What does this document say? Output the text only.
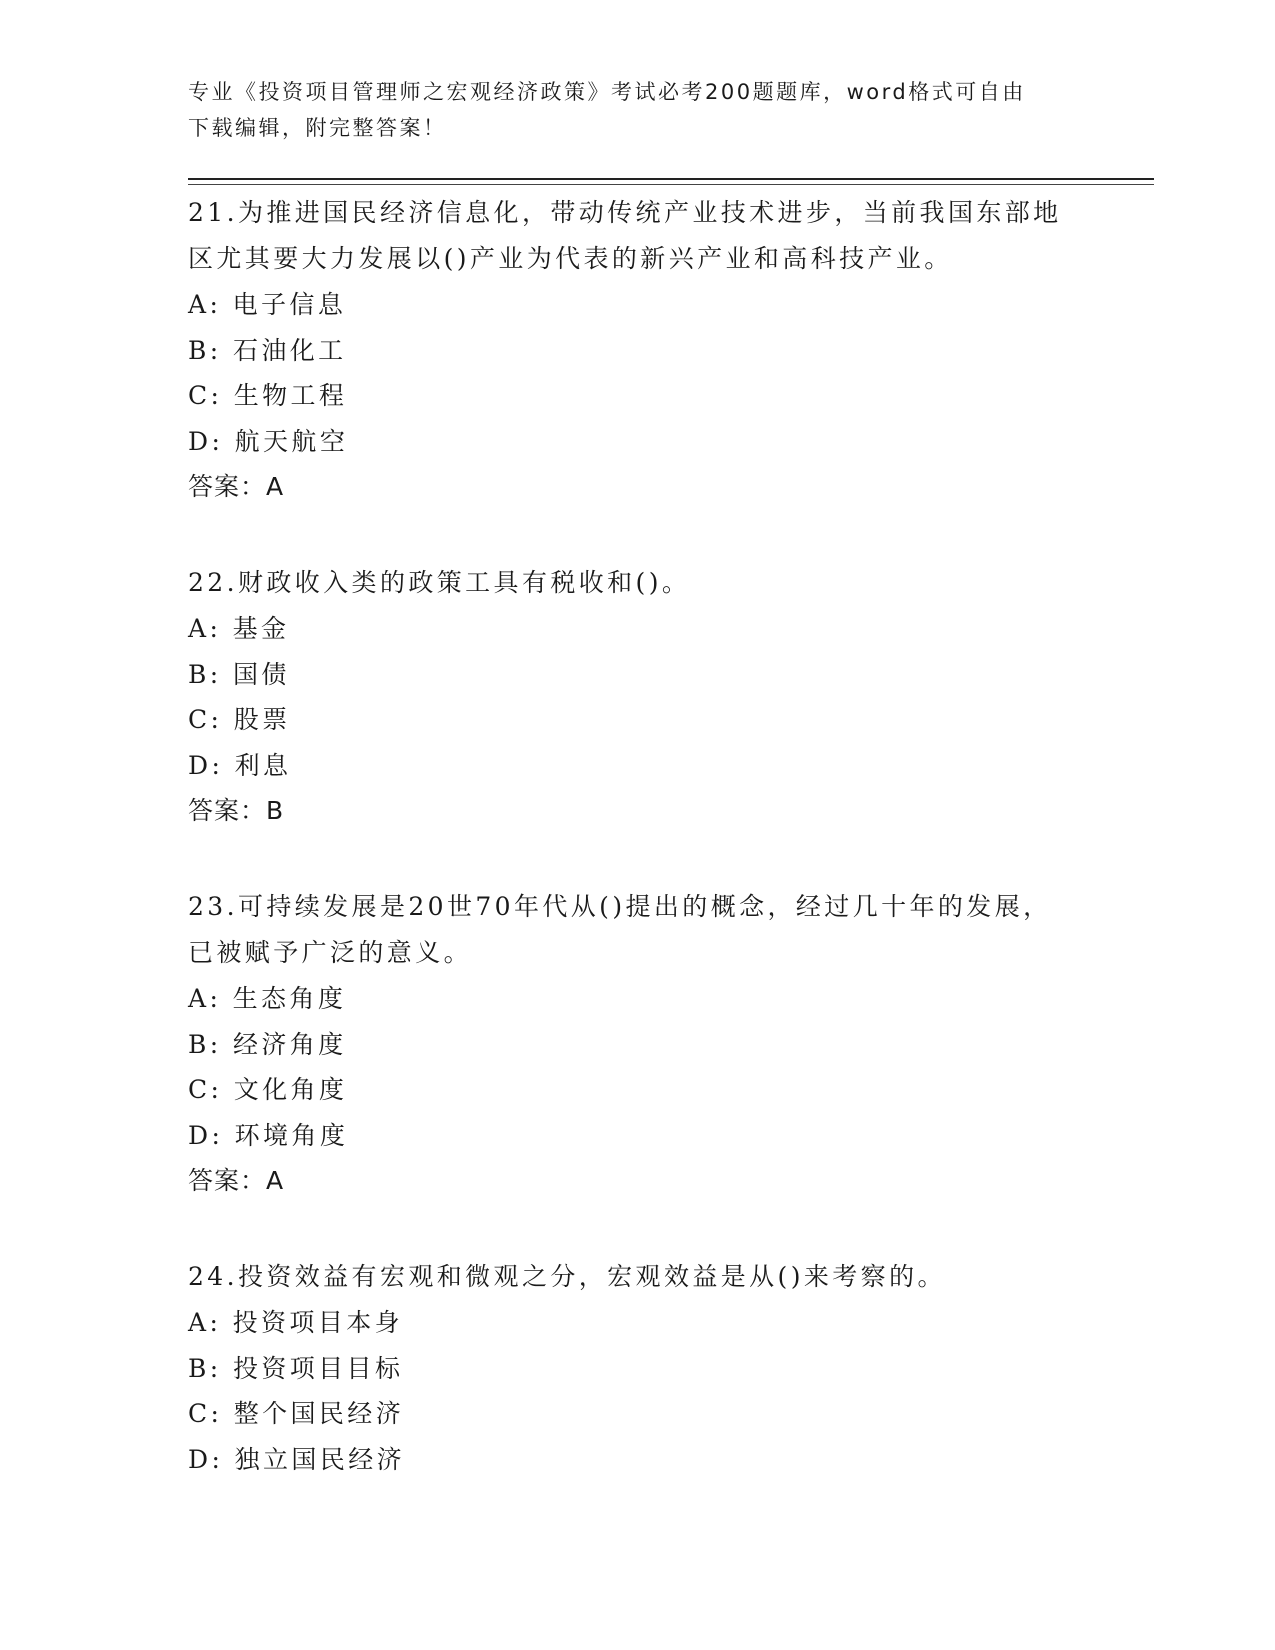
专业《投资项目管理师之宏观经济政策》考试必考200题题库，word格式可自由
下载编辑，附完整答案！
21.为推进国民经济信息化，带动传统产业技术进步，当前我国东部地
区尤其要大力发展以()产业为代表的新兴产业和高科技产业。
A: 电子信息
B: 石油化工
C: 生物工程
D: 航天航空
答案：A
22.财政收入类的政策工具有税收和()。
A: 基金
B: 国债
C: 股票
D: 利息
答案：B
23.可持续发展是20世70年代从()提出的概念，经过几十年的发展，
已被赋予广泛的意义。
A: 生态角度
B: 经济角度
C: 文化角度
D: 环境角度
答案：A
24.投资效益有宏观和微观之分，宏观效益是从()来考察的。
A: 投资项目本身
B: 投资项目目标
C: 整个国民经济
D: 独立国民经济
